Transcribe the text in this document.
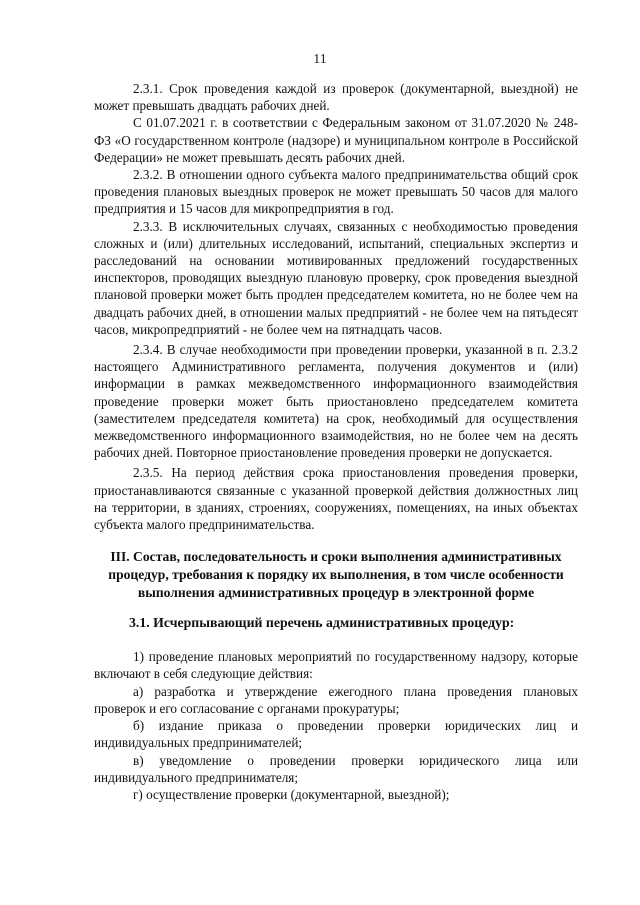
11

2.3.1. Срок проведения каждой из проверок (документарной, выездной) не может превышать двадцать рабочих дней.

С 01.07.2021 г. в соответствии с Федеральным законом от 31.07.2020 № 248-ФЗ «О государственном контроле (надзоре) и муниципальном контроле в Российской Федерации» не может превышать десять рабочих дней.

2.3.2. В отношении одного субъекта малого предпринимательства общий срок проведения плановых выездных проверок не может превышать 50 часов для малого предприятия и 15 часов для микропредприятия в год.

2.3.3. В исключительных случаях, связанных с необходимостью проведения сложных и (или) длительных исследований, испытаний, специальных экспертиз и расследований на основании мотивированных предложений государственных инспекторов, проводящих выездную плановую проверку, срок проведения выездной плановой проверки может быть продлен председателем комитета, но не более чем на двадцать рабочих дней, в отношении малых предприятий - не более чем на пятьдесят часов, микропредприятий - не более чем на пятнадцать часов.

2.3.4. В случае необходимости при проведении проверки, указанной в п. 2.3.2 настоящего Административного регламента, получения документов и (или) информации в рамках межведомственного информационного взаимодействия проведение проверки может быть приостановлено председателем комитета (заместителем председателя комитета) на срок, необходимый для осуществления межведомственного информационного взаимодействия, но не более чем на десять рабочих дней. Повторное приостановление проведения проверки не допускается.

2.3.5. На период действия срока приостановления проведения проверки, приостанавливаются связанные с указанной проверкой действия должностных лиц на территории, в зданиях, строениях, сооружениях, помещениях, на иных объектах субъекта малого предпринимательства.

III. Состав, последовательность и сроки выполнения административных процедур, требования к порядку их выполнения, в том числе особенности выполнения административных процедур в электронной форме
3.1. Исчерпывающий перечень административных процедур:

1) проведение плановых мероприятий по государственному надзору, которые включают в себя следующие действия:

а) разработка и утверждение ежегодного плана проведения плановых проверок и его согласование с органами прокуратуры;

б) издание приказа о проведении проверки юридических лиц и индивидуальных предпринимателей;

в) уведомление о проведении проверки юридического лица или индивидуального предпринимателя;

г) осуществление проверки (документарной, выездной);
